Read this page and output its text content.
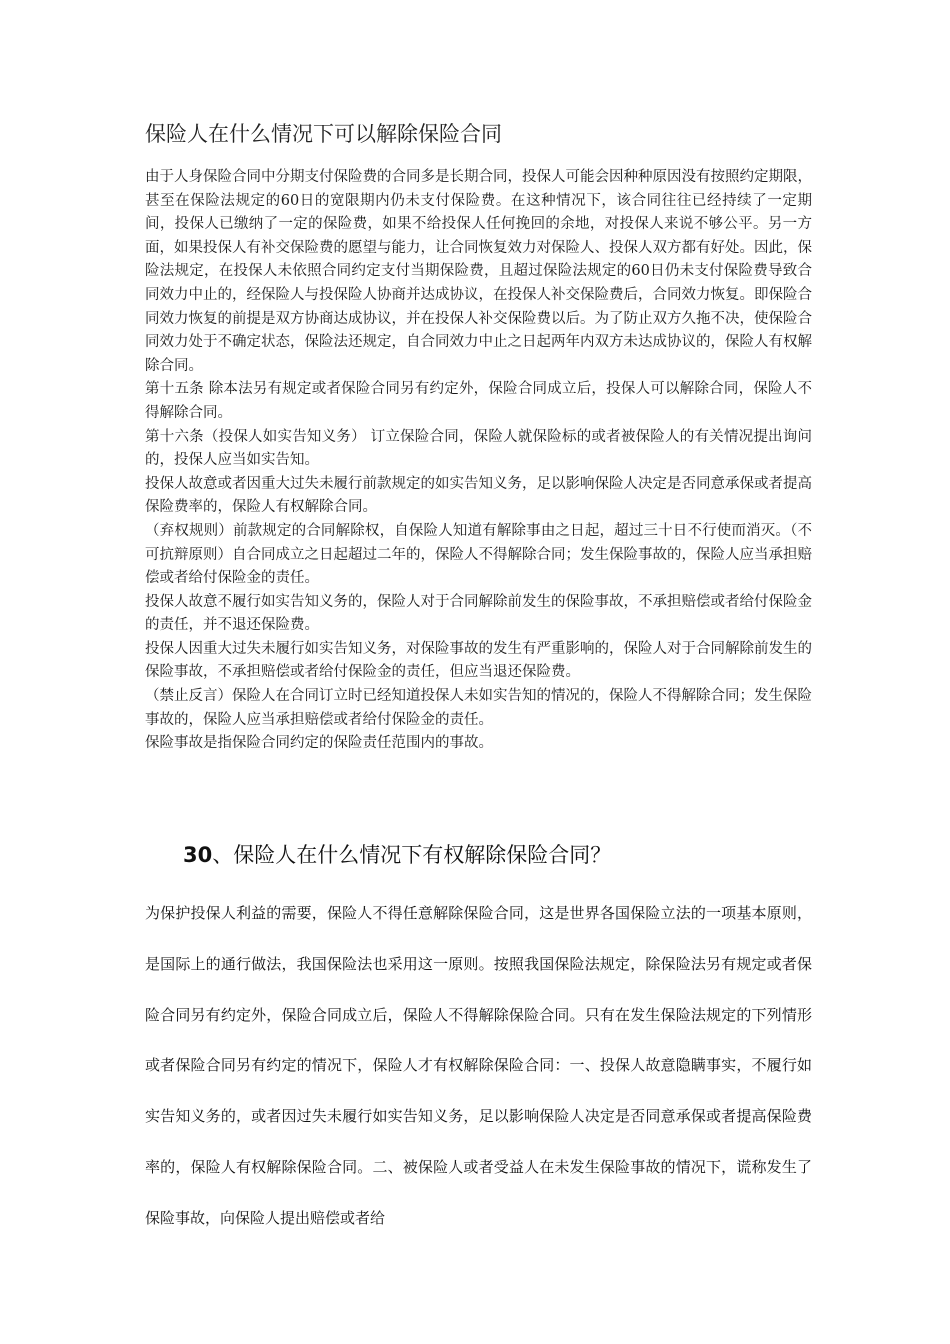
保险人在什么情况下可以解除保险合同

由于人身保险合同中分期支付保险费的合同多是长期合同，投保人可能会因种种原因没有按照约定期限，甚至在保险法规定的60日的宽限期内仍未支付保险费。在这种情况下，该合同往往已经持续了一定期间，投保人已缴纳了一定的保险费，如果不给投保人任何挽回的余地，对投保人来说不够公平。另一方面，如果投保人有补交保险费的愿望与能力，让合同恢复效力对保险人、投保人双方都有好处。因此，保险法规定，在投保人未依照合同约定支付当期保险费，且超过保险法规定的60日仍未支付保险费导致合同效力中止的，经保险人与投保险人协商并达成协议，在投保人补交保险费后，合同效力恢复。即保险合同效力恢复的前提是双方协商达成协议，并在投保人补交保险费以后。为了防止双方久拖不决，使保险合同效力处于不确定状态，保险法还规定，自合同效力中止之日起两年内双方未达成协议的，保险人有权解除合同。

第十五条 除本法另有规定或者保险合同另有约定外，保险合同成立后，投保人可以解除合同，保险人不得解除合同。

第十六条（投保人如实告知义务） 订立保险合同，保险人就保险标的或者被保险人的有关情况提出询问的，投保人应当如实告知。

投保人故意或者因重大过失未履行前款规定的如实告知义务，足以影响保险人决定是否同意承保或者提高保险费率的，保险人有权解除合同。

（弃权规则）前款规定的合同解除权，自保险人知道有解除事由之日起，超过三十日不行使而消灭。（不可抗辩原则）自合同成立之日起超过二年的，保险人不得解除合同；发生保险事故的，保险人应当承担赔偿或者给付保险金的责任。

投保人故意不履行如实告知义务的，保险人对于合同解除前发生的保险事故，不承担赔偿或者给付保险金的责任，并不退还保险费。

投保人因重大过失未履行如实告知义务，对保险事故的发生有严重影响的，保险人对于合同解除前发生的保险事故，不承担赔偿或者给付保险金的责任，但应当退还保险费。

（禁止反言）保险人在合同订立时已经知道投保人未如实告知的情况的，保险人不得解除合同；发生保险事故的，保险人应当承担赔偿或者给付保险金的责任。

保险事故是指保险合同约定的保险责任范围内的事故。

30、保险人在什么情况下有权解除保险合同？

为保护投保人利益的需要，保险人不得任意解除保险合同，这是世界各国保险立法的一项基本原则，是国际上的通行做法，我国保险法也采用这一原则。按照我国保险法规定，除保险法另有规定或者保险合同另有约定外，保险合同成立后，保险人不得解除保险合同。只有在发生保险法规定的下列情形或者保险合同另有约定的情况下，保险人才有权解除保险合同：一、投保人故意隐瞒事实，不履行如实告知义务的，或者因过失未履行如实告知义务，足以影响保险人决定是否同意承保或者提高保险费率的，保险人有权解除保险合同。二、被保险人或者受益人在未发生保险事故的情况下，谎称发生了保险事故，向保险人提出赔偿或者给
